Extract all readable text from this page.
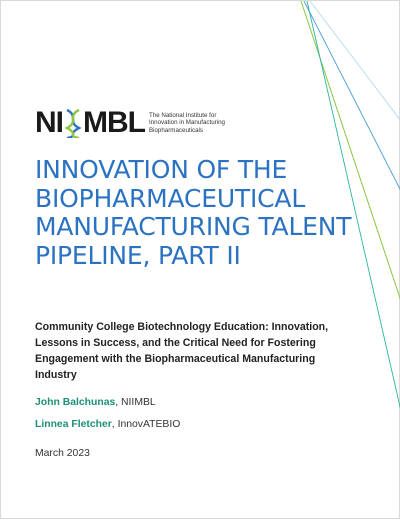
NI MBL The National Institute for Innovation in Manufacturing Biopharmaceuticals
INNOVATION OF THE BIOPHARMACEUTICAL MANUFACTURING TALENT PIPELINE, PART II
Community College Biotechnology Education: Innovation, Lessons in Success, and the Critical Need for Fostering Engagement with the Biopharmaceutical Manufacturing Industry
John Balchunas, NIIMBL
Linnea Fletcher, InnovATEBIO
March 2023
